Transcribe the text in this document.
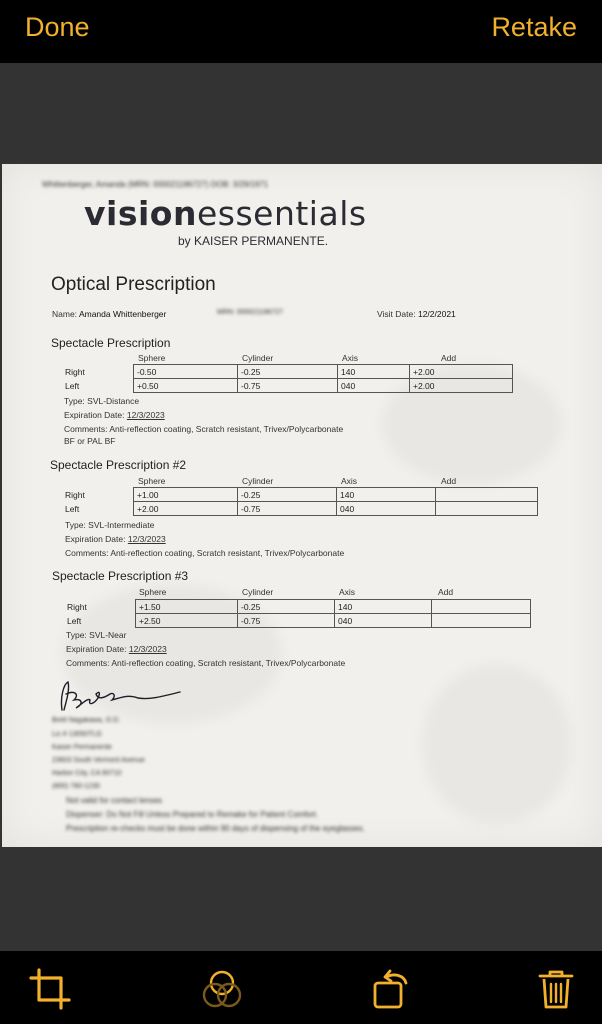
Done	Retake
Whittenberger, Amanda (MRN: 000021186727) DOB: 3/29/1971
visionessentials
by KAISER PERMANENTE.
Optical Prescription
Name: Amanda Whittenberger	MRN: 000021186727	Visit Date: 12/2/2021
Spectacle Prescription
Sphere	Cylinder	Axis	Add
Right	-0.50	-0.25	140	+2.00
Left	+0.50	-0.75	040	+2.00
Type: SVL-Distance
Expiration Date: 12/3/2023
Comments: Anti-reflection coating, Scratch resistant, Trivex/Polycarbonate
BF or PAL BF
Spectacle Prescription #2
Sphere	Cylinder	Axis	Add
Right	+1.00	-0.25	140	
Left	+2.00	-0.75	040	
Type: SVL-Intermediate
Expiration Date: 12/3/2023
Comments: Anti-reflection coating, Scratch resistant, Trivex/Polycarbonate
Spectacle Prescription #3
Sphere	Cylinder	Axis	Add
Right	+1.50	-0.25	140	
Left	+2.50	-0.75	040	
Type: SVL-Near
Expiration Date: 12/3/2023
Comments: Anti-reflection coating, Scratch resistant, Trivex/Polycarbonate
Brett Nagakawa, O.D.
Lic # 13050TLG
Kaiser Permanente
23603 South Vermont Avenue
Harbor City, CA 90710
(800) 780-1230
Not valid for contact lenses
Dispenser: Do Not Fill Unless Prepared to Remake for Patient Comfort.
Prescription re-checks must be done within 90 days of dispensing of the eyeglasses.
